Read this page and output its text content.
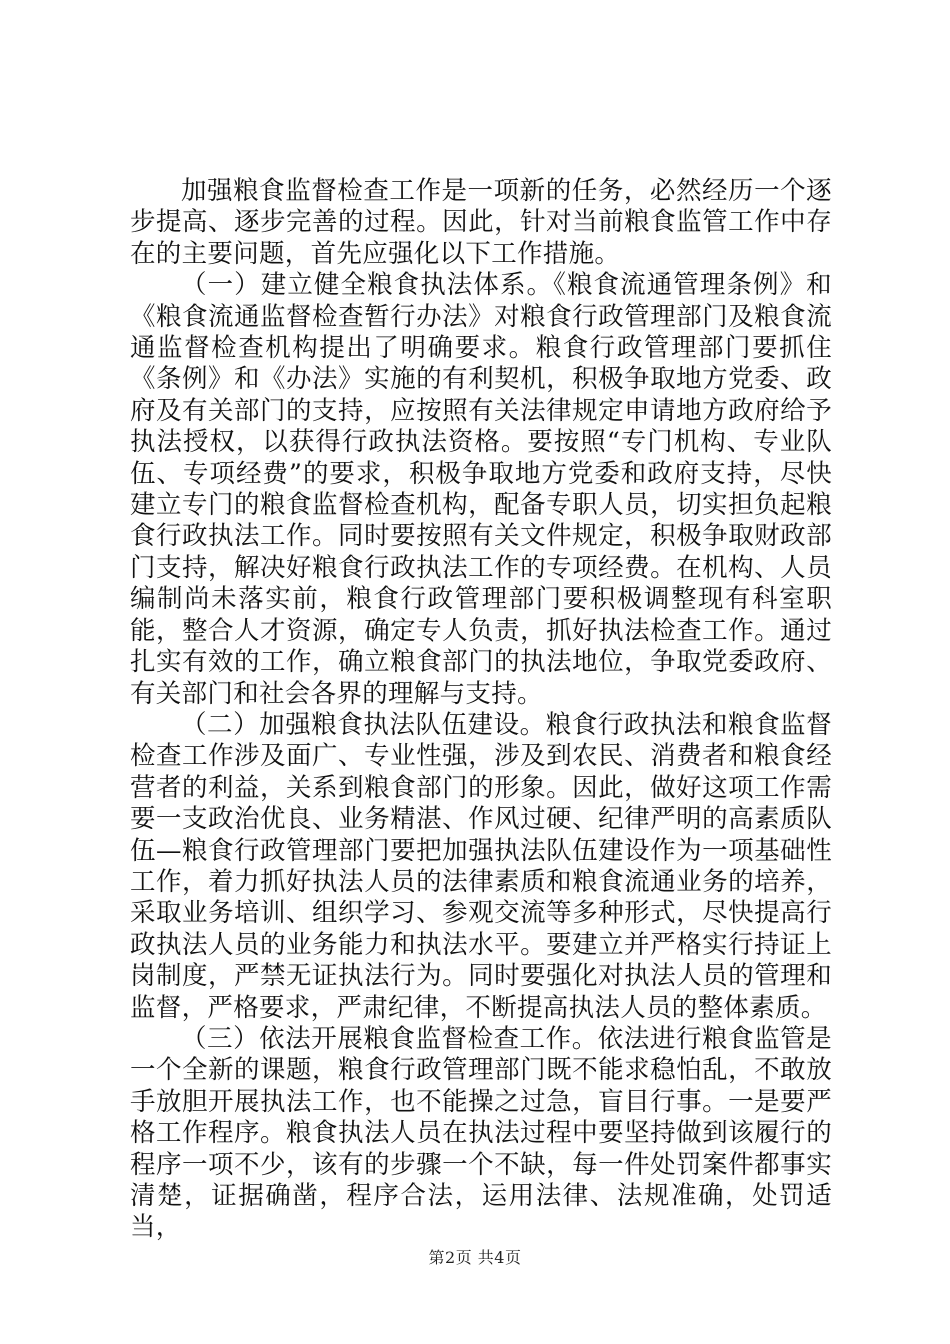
加强粮食监督检查工作是一项新的任务，必然经历一个逐步提高、逐步完善的过程。因此，针对当前粮食监管工作中存在的主要问题，首先应强化以下工作措施。

（一）建立健全粮食执法体系。《粮食流通管理条例》和《粮食流通监督检查暂行办法》对粮食行政管理部门及粮食流通监督检查机构提出了明确要求。粮食行政管理部门要抓住《条例》和《办法》实施的有利契机，积极争取地方党委、政府及有关部门的支持，应按照有关法律规定申请地方政府给予执法授权，以获得行政执法资格。要按照“专门机构、专业队伍、专项经费”的要求，积极争取地方党委和政府支持，尽快建立专门的粮食监督检查机构，配备专职人员，切实担负起粮食行政执法工作。同时要按照有关文件规定，积极争取财政部门支持，解决好粮食行政执法工作的专项经费。在机构、人员编制尚未落实前，粮食行政管理部门要积极调整现有科室职能，整合人才资源，确定专人负责，抓好执法检查工作。通过扎实有效的工作，确立粮食部门的执法地位，争取党委政府、有关部门和社会各界的理解与支持。

（二）加强粮食执法队伍建设。粮食行政执法和粮食监督检查工作涉及面广、专业性强，涉及到农民、消费者和粮食经营者的利益，关系到粮食部门的形象。因此，做好这项工作需要一支政治优良、业务精湛、作风过硬、纪律严明的高素质队伍—粮食行政管理部门要把加强执法队伍建设作为一项基础性工作，着力抓好执法人员的法律素质和粮食流通业务的培养，采取业务培训、组织学习、参观交流等多种形式，尽快提高行政执法人员的业务能力和执法水平。要建立并严格实行持证上岗制度，严禁无证执法行为。同时要强化对执法人员的管理和监督，严格要求，严肃纪律，不断提高执法人员的整体素质。

（三）依法开展粮食监督检查工作。依法进行粮食监管是一个全新的课题，粮食行政管理部门既不能求稳怕乱，不敢放手放胆开展执法工作，也不能操之过急，盲目行事。一是要严格工作程序。粮食执法人员在执法过程中要坚持做到该履行的程序一项不少，该有的步骤一个不缺，每一件处罚案件都事实清楚，证据确凿，程序合法，运用法律、法规准确，处罚适当，

第2页 共4页
